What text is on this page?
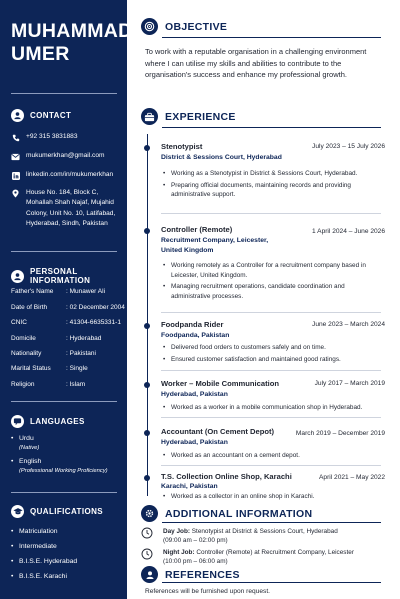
MUHAMMAD
UMER
CONTACT
+92 315 3831883
mukumerkhan@gmail.com
linkedin.com/in/mukumerkhan
House No. 184, Block C, Mohallah Shah Najaf, Mujahid Colony, Unit No. 10, Latifabad, Hyderabad, Sindh, Pakistan
PERSONAL INFORMATION
Father's Name	: Munawer Ali
Date of Birth	: 02 December 2004
CNIC	: 41304-6635331-1
Domicile	: Hyderabad
Nationality	: Pakistani
Marital Status	: Single
Religion	: Islam
LANGUAGES
• Urdu
(Native)
• English
(Professional Working Proficiency)
QUALIFICATIONS
• Matriculation
• Intermediate
• B.I.S.E. Hyderabad
• B.I.S.E. Karachi
OBJECTIVE

To work with a reputable organisation in a challenging environment where I can utilise my skills and abilities to contribute to the organisation's success and enhance my professional growth.

EXPERIENCE
Stenotypist	July 2023 – 15 July 2026
District & Sessions Court, Hyderabad
• Working as a Stenotypist in District & Sessions Court, Hyderabad.
• Preparing official documents, maintaining records and providing administrative support.
Controller (Remote)	1 April 2024 – June 2026
Recruitment Company, Leicester, United Kingdom
• Working remotely as a Controller for a recruitment company based in Leicester, United Kingdom.
• Managing recruitment operations, candidate coordination and administrative processes.
Foodpanda Rider	June 2023 – March 2024
Foodpanda, Pakistan
• Delivered food orders to customers safely and on time.
• Ensured customer satisfaction and maintained good ratings.
Worker – Mobile Communication	July 2017 – March 2019
Hyderabad, Pakistan
• Worked as a worker in a mobile communication shop in Hyderabad.
Accountant (On Cement Depot)	March 2019 – December 2019
Hyderabad, Pakistan
• Worked as an accountant on a cement depot.
T.S. Collection Online Shop, Karachi	April 2021 – May 2022
Karachi, Pakistan
• Worked as a collector in an online shop in Karachi.
ADDITIONAL INFORMATION
Day Job: Stenotypist at District & Sessions Court, Hyderabad
(09:00 am – 02:00 pm)
Night Job: Controller (Remote) at Recruitment Company, Leicester
(10:00 pm – 06:00 am)
REFERENCES

References will be furnished upon request.
